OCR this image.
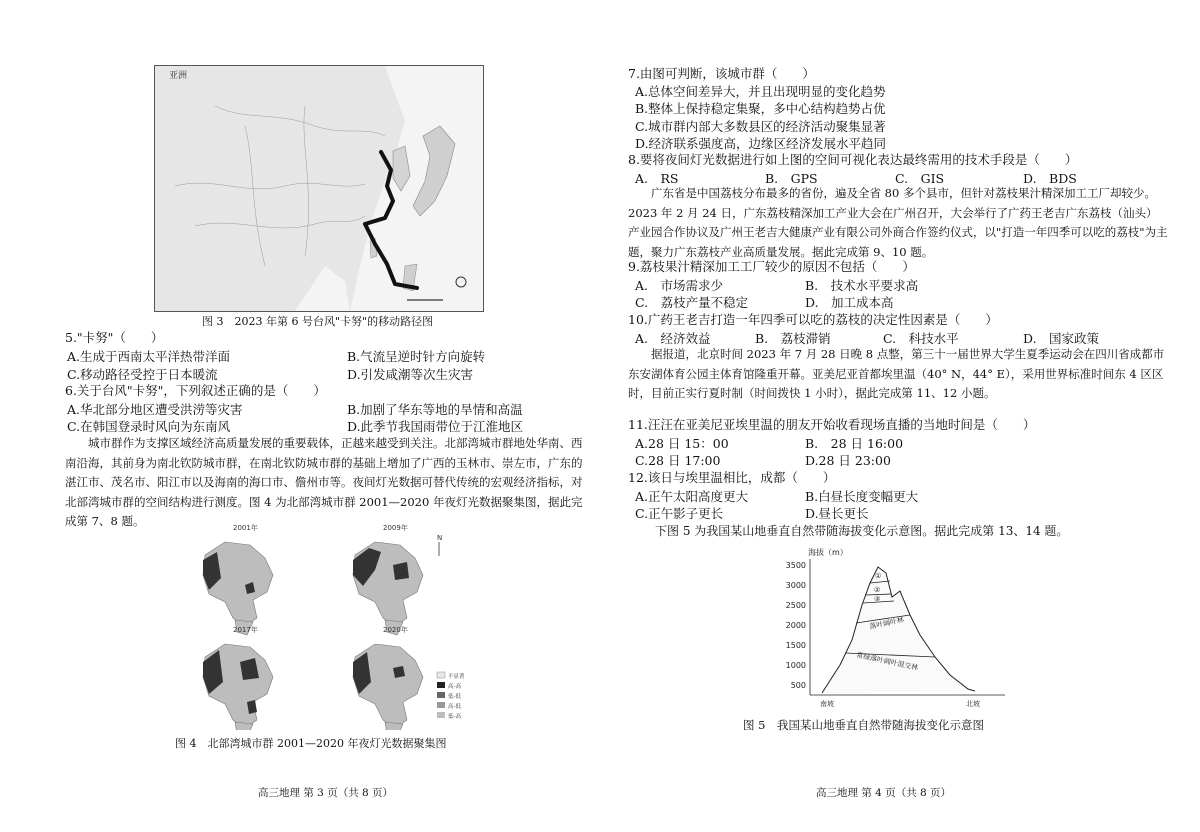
亚洲
图 3　2023 年第 6 号台风"卡努"的移动路径图
5."卡努"（　　）
A.生成于西南太平洋热带洋面	B.气流呈逆时针方向旋转
C.移动路径受控于日本暖流	D.引发咸潮等次生灾害
6.关于台风"卡努"，下列叙述正确的是（　　）
A.华北部分地区遭受洪涝等灾害	B.加剧了华东等地的旱情和高温
C.在韩国登录时风向为东南风	D.此季节我国雨带位于江淮地区
城市群作为支撑区域经济高质量发展的重要载体，正越来越受到关注。北部湾城市群地处华南、西南沿海，其前身为南北钦防城市群，在南北钦防城市群的基础上增加了广西的玉林市、崇左市，广东的湛江市、茂名市、阳江市以及海南的海口市、儋州市等。夜间灯光数据可替代传统的宏观经济指标，对北部湾城市群的空间结构进行测度。图 4 为北部湾城市群 2001—2020 年夜灯光数据聚集图，据此完成第 7、8 题。	2001年	2009年
N
2017年	2020年
不显著
高-高
低-低
高-低
低-高
图 4　北部湾城市群 2001—2020 年夜灯光数据聚集图
高三地理 第 3 页（共 8 页）
7.由图可判断，该城市群（　　）
A.总体空间差异大，并且出现明显的变化趋势
B.整体上保持稳定集聚，多中心结构趋势占优
C.城市群内部大多数县区的经济活动聚集显著
D.经济联系强度高，边缘区经济发展水平趋同
8.要将夜间灯光数据进行如上图的空间可视化表达最终需用的技术手段是（　　）
A.　RS	B.　GPS	C.　GIS	D.　BDS
广东省是中国荔枝分布最多的省份，遍及全省 80 多个县市，但针对荔枝果汁精深加工工厂却较少。2023 年 2 月 24 日，广东荔枝精深加工产业大会在广州召开，大会举行了广药王老吉广东荔枝（汕头）产业园合作协议及广州王老吉大健康产业有限公司外商合作签约仪式，以"打造一年四季可以吃的荔枝"为主题，聚力广东荔枝产业高质量发展。据此完成第 9、10 题。
9.荔枝果汁精深加工工厂较少的原因不包括（　　）
A.　市场需求少	B.　技术水平要求高
C.　荔枝产量不稳定	D.　加工成本高
10.广药王老吉打造一年四季可以吃的荔枝的决定性因素是（　　）
A.　经济效益	B.　荔枝滞销	C.　科技水平	D.　国家政策
据报道，北京时间 2023 年 7 月 28 日晚 8 点整，第三十一届世界大学生夏季运动会在四川省成都市东安湖体育公园主体育馆隆重开幕。亚美尼亚首都埃里温（40° N，44° E），采用世界标准时间东 4 区区时，目前正实行夏时制（时间拨快 1 小时），据此完成第 11、12 小题。
11.汪汪在亚美尼亚埃里温的朋友开始收看现场直播的当地时间是（　　）
A.28 日 15：00	B.　28 日 16:00
C.28 日 17:00	D.28 日 23:00
12.该日与埃里温相比，成都（　　）
A.正午太阳高度更大	B.白昼长度变幅更大
C.正午影子更长	D.昼长更长
下图 5 为我国某山地垂直自然带随海拔变化示意图。据此完成第 13、14 题。
海拔（m）
3500
3000
2500
2000
1500
1000
500
①
②
③
落叶阔叶林
常绿落叶阔叶混交林
南坡	北坡
图 5　我国某山地垂直自然带随海拔变化示意图
高三地理 第 4 页（共 8 页）
